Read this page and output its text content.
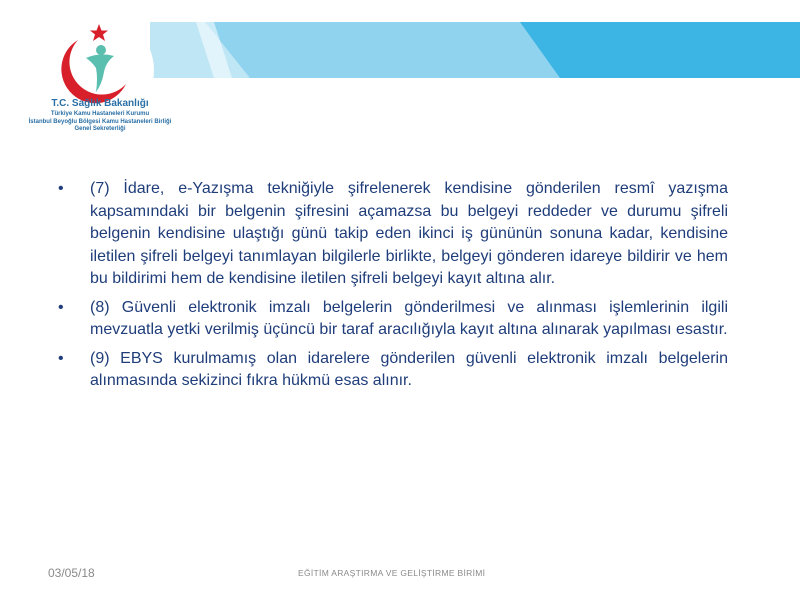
T.C. Sağlık Bakanlığı
Türkiye Kamu Hastaneleri Kurumu
İstanbul Beyoğlu Bölgesi Kamu Hastaneleri Birliği
Genel Sekreterliği
•	(7) İdare, e-Yazışma tekniğiyle şifrelenerek kendisine gönderilen resmî yazışma kapsamındaki bir belgenin şifresini açamazsa bu belgeyi reddeder ve durumu şifreli belgenin kendisine ulaştığı günü takip eden ikinci iş gününün sonuna kadar, kendisine iletilen şifreli belgeyi tanımlayan bilgilerle birlikte, belgeyi gönderen idareye bildirir ve hem bu bildirimi hem de kendisine iletilen şifreli belgeyi kayıt altına alır.
•	(8) Güvenli elektronik imzalı belgelerin gönderilmesi ve alınması işlemlerinin ilgili mevzuatla yetki verilmiş üçüncü bir taraf aracılığıyla kayıt altına alınarak yapılması esastır.
•	(9) EBYS kurulmamış olan idarelere gönderilen güvenli elektronik imzalı belgelerin alınmasında sekizinci fıkra hükmü esas alınır.
03/05/18	EĞİTİM ARAŞTIRMA VE GELİŞTİRME BİRİMİ
